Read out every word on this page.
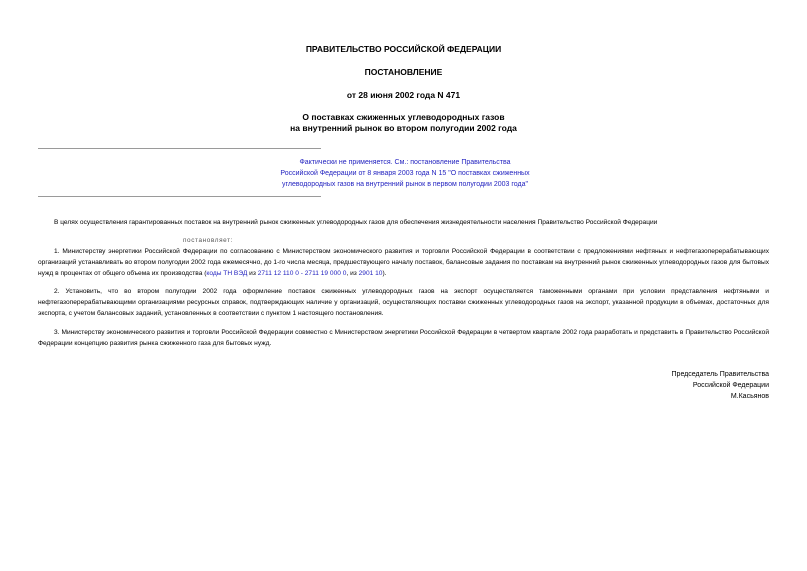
ПРАВИТЕЛЬСТВО РОССИЙСКОЙ ФЕДЕРАЦИИ
ПОСТАНОВЛЕНИЕ
от 28 июня 2002 года N 471
О поставках сжиженных углеводородных газов
на внутренний рынок во втором полугодии 2002 года
Фактически не применяется. См.: постановление Правительства
Российской Федерации от 8 января 2003 года N 15 "О поставках сжиженных
углеводородных газов на внутренний рынок в первом полугодии 2003 года"
В целях осуществления гарантированных поставок на внутренний рынок сжиженных углеводородных газов для обеспечения жизнедеятельности населения Правительство Российской Федерации
постановляет:
1. Министерству энергетики Российской Федерации по согласованию с Министерством экономического развития и торговли Российской Федерации в соответствии с предложениями нефтяных и нефтегазоперерабатывающих организаций устанавливать во втором полугодии 2002 года ежемесячно, до 1-го числа месяца, предшествующего началу поставок, балансовые задания по поставкам на внутренний рынок сжиженных углеводородных газов для бытовых нужд в процентах от общего объема их производства (коды ТН ВЭД из 2711 12 110 0 - 2711 19 000 0, из 2901 10).
2. Установить, что во втором полугодии 2002 года оформление поставок сжиженных углеводородных газов на экспорт осуществляется таможенными органами при условии представления нефтяными и нефтегазоперерабатывающими организациями ресурсных справок, подтверждающих наличие у организаций, осуществляющих поставки сжиженных углеводородных газов на экспорт, указанной продукции в объемах, достаточных для экспорта, с учетом балансовых заданий, установленных в соответствии с пунктом 1 настоящего постановления.
3. Министерству экономического развития и торговли Российской Федерации совместно с Министерством энергетики Российской Федерации в четвертом квартале 2002 года разработать и представить в Правительство Российской Федерации концепцию развития рынка сжиженного газа для бытовых нужд.
Председатель Правительства
Российской Федерации
М.Касьянов
